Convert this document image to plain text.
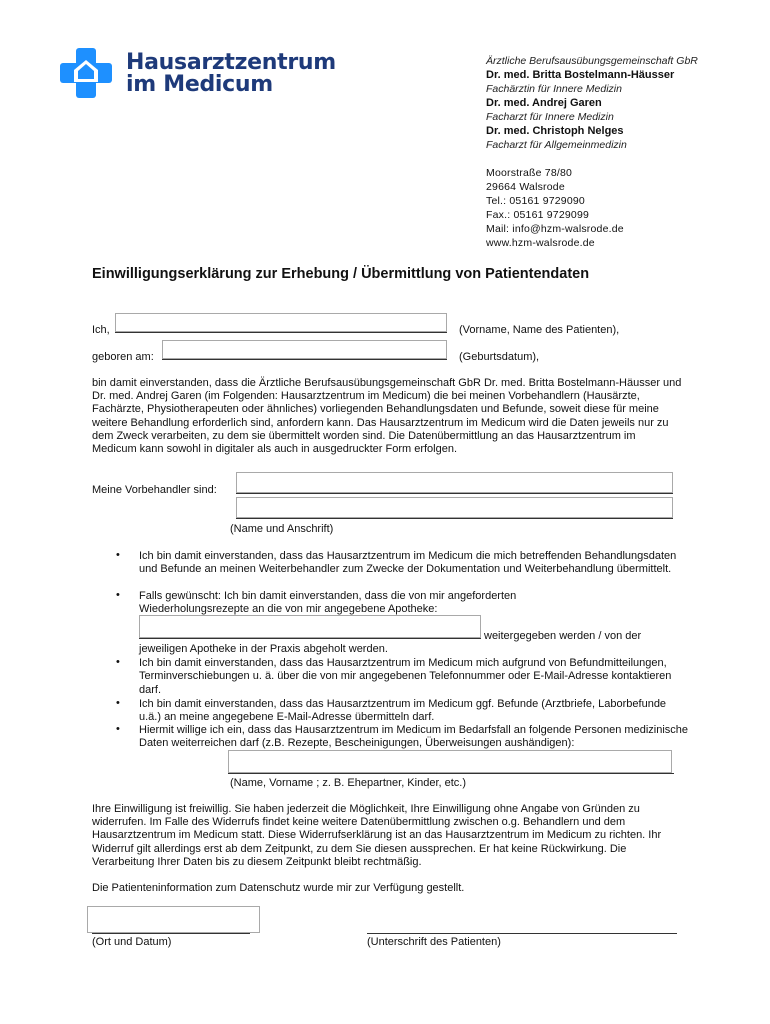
Hausarztzentrum
im Medicum
Ärztliche Berufsausübungsgemeinschaft GbR
Dr. med. Britta Bostelmann-Häusser
Fachärztin für Innere Medizin
Dr. med. Andrej Garen
Facharzt für Innere Medizin
Dr. med. Christoph Nelges
Facharzt für Allgemeinmedizin
Moorstraße 78/80
29664 Walsrode
Tel.: 05161 9729090
Fax.: 05161 9729099
Mail: info@hzm-walsrode.de
www.hzm-walsrode.de
Einwilligungserklärung zur Erhebung / Übermittlung von Patientendaten
Ich,	(Vorname, Name des Patienten),
geboren am:	(Geburtsdatum),
bin damit einverstanden, dass die Ärztliche Berufsausübungsgemeinschaft GbR Dr. med. Britta Bostelmann-Häusser und Dr. med. Andrej Garen (im Folgenden: Hausarztzentrum im Medicum) die bei meinen Vorbehandlern (Hausärzte, Fachärzte, Physiotherapeuten oder ähnliches) vorliegenden Behandlungsdaten und Befunde, soweit diese für meine weitere Behandlung erforderlich sind, anfordern kann. Das Hausarztzentrum im Medicum wird die Daten jeweils nur zu dem Zweck verarbeiten, zu dem sie übermittelt worden sind. Die Datenübermittlung an das Hausarztzentrum im Medicum kann sowohl in digitaler als auch in ausgedruckter Form erfolgen.
Meine Vorbehandler sind:
(Name und Anschrift)
• Ich bin damit einverstanden, dass das Hausarztzentrum im Medicum die mich betreffenden Behandlungsdaten und Befunde an meinen Weiterbehandler zum Zwecke der Dokumentation und Weiterbehandlung übermittelt.
• Falls gewünscht: Ich bin damit einverstanden, dass die von mir angeforderten
Wiederholungsrezepte an die von mir angegebene Apotheke:
weitergegeben werden / von der
jeweiligen Apotheke in der Praxis abgeholt werden.
• Ich bin damit einverstanden, dass das Hausarztzentrum im Medicum mich aufgrund von Befundmitteilungen, Terminverschiebungen u. ä. über die von mir angegebenen Telefonnummer oder E-Mail-Adresse kontaktieren darf.
• Ich bin damit einverstanden, dass das Hausarztzentrum im Medicum ggf. Befunde (Arztbriefe, Laborbefunde u.ä.) an meine angegebene E-Mail-Adresse übermitteln darf.
• Hiermit willige ich ein, dass das Hausarztzentrum im Medicum im Bedarfsfall an folgende Personen medizinische Daten weiterreichen darf (z.B. Rezepte, Bescheinigungen, Überweisungen aushändigen):
(Name, Vorname ; z. B. Ehepartner, Kinder, etc.)
Ihre Einwilligung ist freiwillig. Sie haben jederzeit die Möglichkeit, Ihre Einwilligung ohne Angabe von Gründen zu widerrufen. Im Falle des Widerrufs findet keine weitere Datenübermittlung zwischen o.g. Behandlern und dem Hausarztzentrum im Medicum statt. Diese Widerrufserklärung ist an das Hausarztzentrum im Medicum zu richten. Ihr Widerruf gilt allerdings erst ab dem Zeitpunkt, zu dem Sie diesen aussprechen. Er hat keine Rückwirkung. Die Verarbeitung Ihrer Daten bis zu diesem Zeitpunkt bleibt rechtmäßig.
Die Patienteninformation zum Datenschutz wurde mir zur Verfügung gestellt.
(Ort und Datum)	(Unterschrift des Patienten)
